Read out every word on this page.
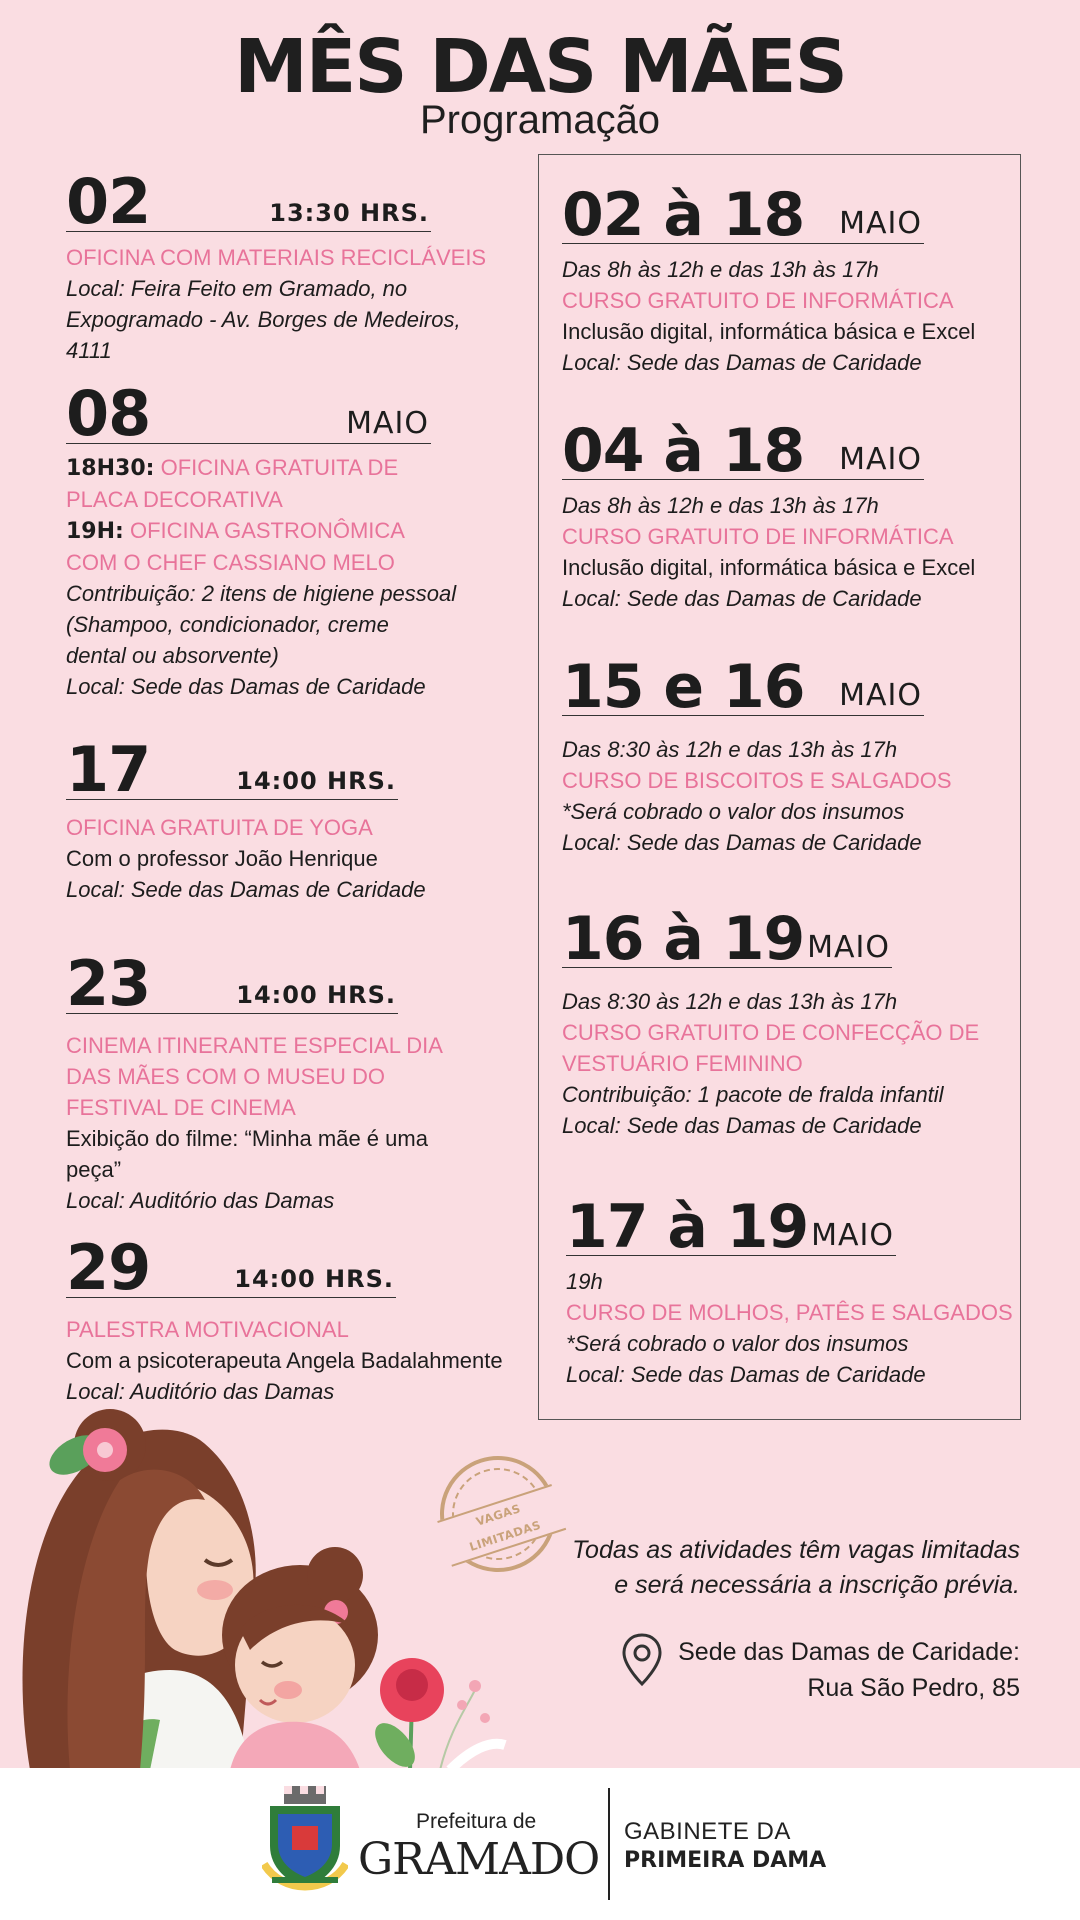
MÊS DAS MÃES
Programação
02	13:30 HRS.
OFICINA COM MATERIAIS RECICLÁVEIS
Local: Feira Feito em Gramado, no
Expogramado - Av. Borges de Medeiros,
4111
08	MAIO
18H30: OFICINA GRATUITA DE
PLACA DECORATIVA
19H: OFICINA GASTRONÔMICA
COM O CHEF CASSIANO MELO
Contribuição: 2 itens de higiene pessoal
(Shampoo, condicionador, creme
dental ou absorvente)
Local: Sede das Damas de Caridade
17	14:00 HRS.
OFICINA GRATUITA DE YOGA
Com o professor João Henrique
Local: Sede das Damas de Caridade
23	14:00 HRS.
CINEMA ITINERANTE ESPECIAL DIA
DAS MÃES COM O MUSEU DO
FESTIVAL DE CINEMA
Exibição do filme: “Minha mãe é uma
peça”
Local: Auditório das Damas
29	14:00 HRS.
PALESTRA MOTIVACIONAL
Com a psicoterapeuta Angela Badalahmente
Local: Auditório das Damas
02 à 18 MAIO
Das 8h às 12h e das 13h às 17h
CURSO GRATUITO DE INFORMÁTICA
Inclusão digital, informática básica e Excel
Local: Sede das Damas de Caridade
04 à 18 MAIO
Das 8h às 12h e das 13h às 17h
CURSO GRATUITO DE INFORMÁTICA
Inclusão digital, informática básica e Excel
Local: Sede das Damas de Caridade
15 e 16 MAIO
Das 8:30 às 12h e das 13h às 17h
CURSO DE BISCOITOS E SALGADOS
*Será cobrado o valor dos insumos
Local: Sede das Damas de Caridade
16 à 19 MAIO
Das 8:30 às 12h e das 13h às 17h
CURSO GRATUITO DE CONFECÇÃO DE
VESTUÁRIO FEMININO
Contribuição: 1 pacote de fralda infantil
Local: Sede das Damas de Caridade
17 à 19 MAIO
19h
CURSO DE MOLHOS, PATÊS E SALGADOS
*Será cobrado o valor dos insumos
Local: Sede das Damas de Caridade
VAGAS LIMITADAS	Todas as atividades têm vagas limitadas
e será necessária a inscrição prévia.
Sede das Damas de Caridade:
Rua São Pedro, 85
Prefeitura de
GRAMADO
GABINETE DA
PRIMEIRA DAMA
